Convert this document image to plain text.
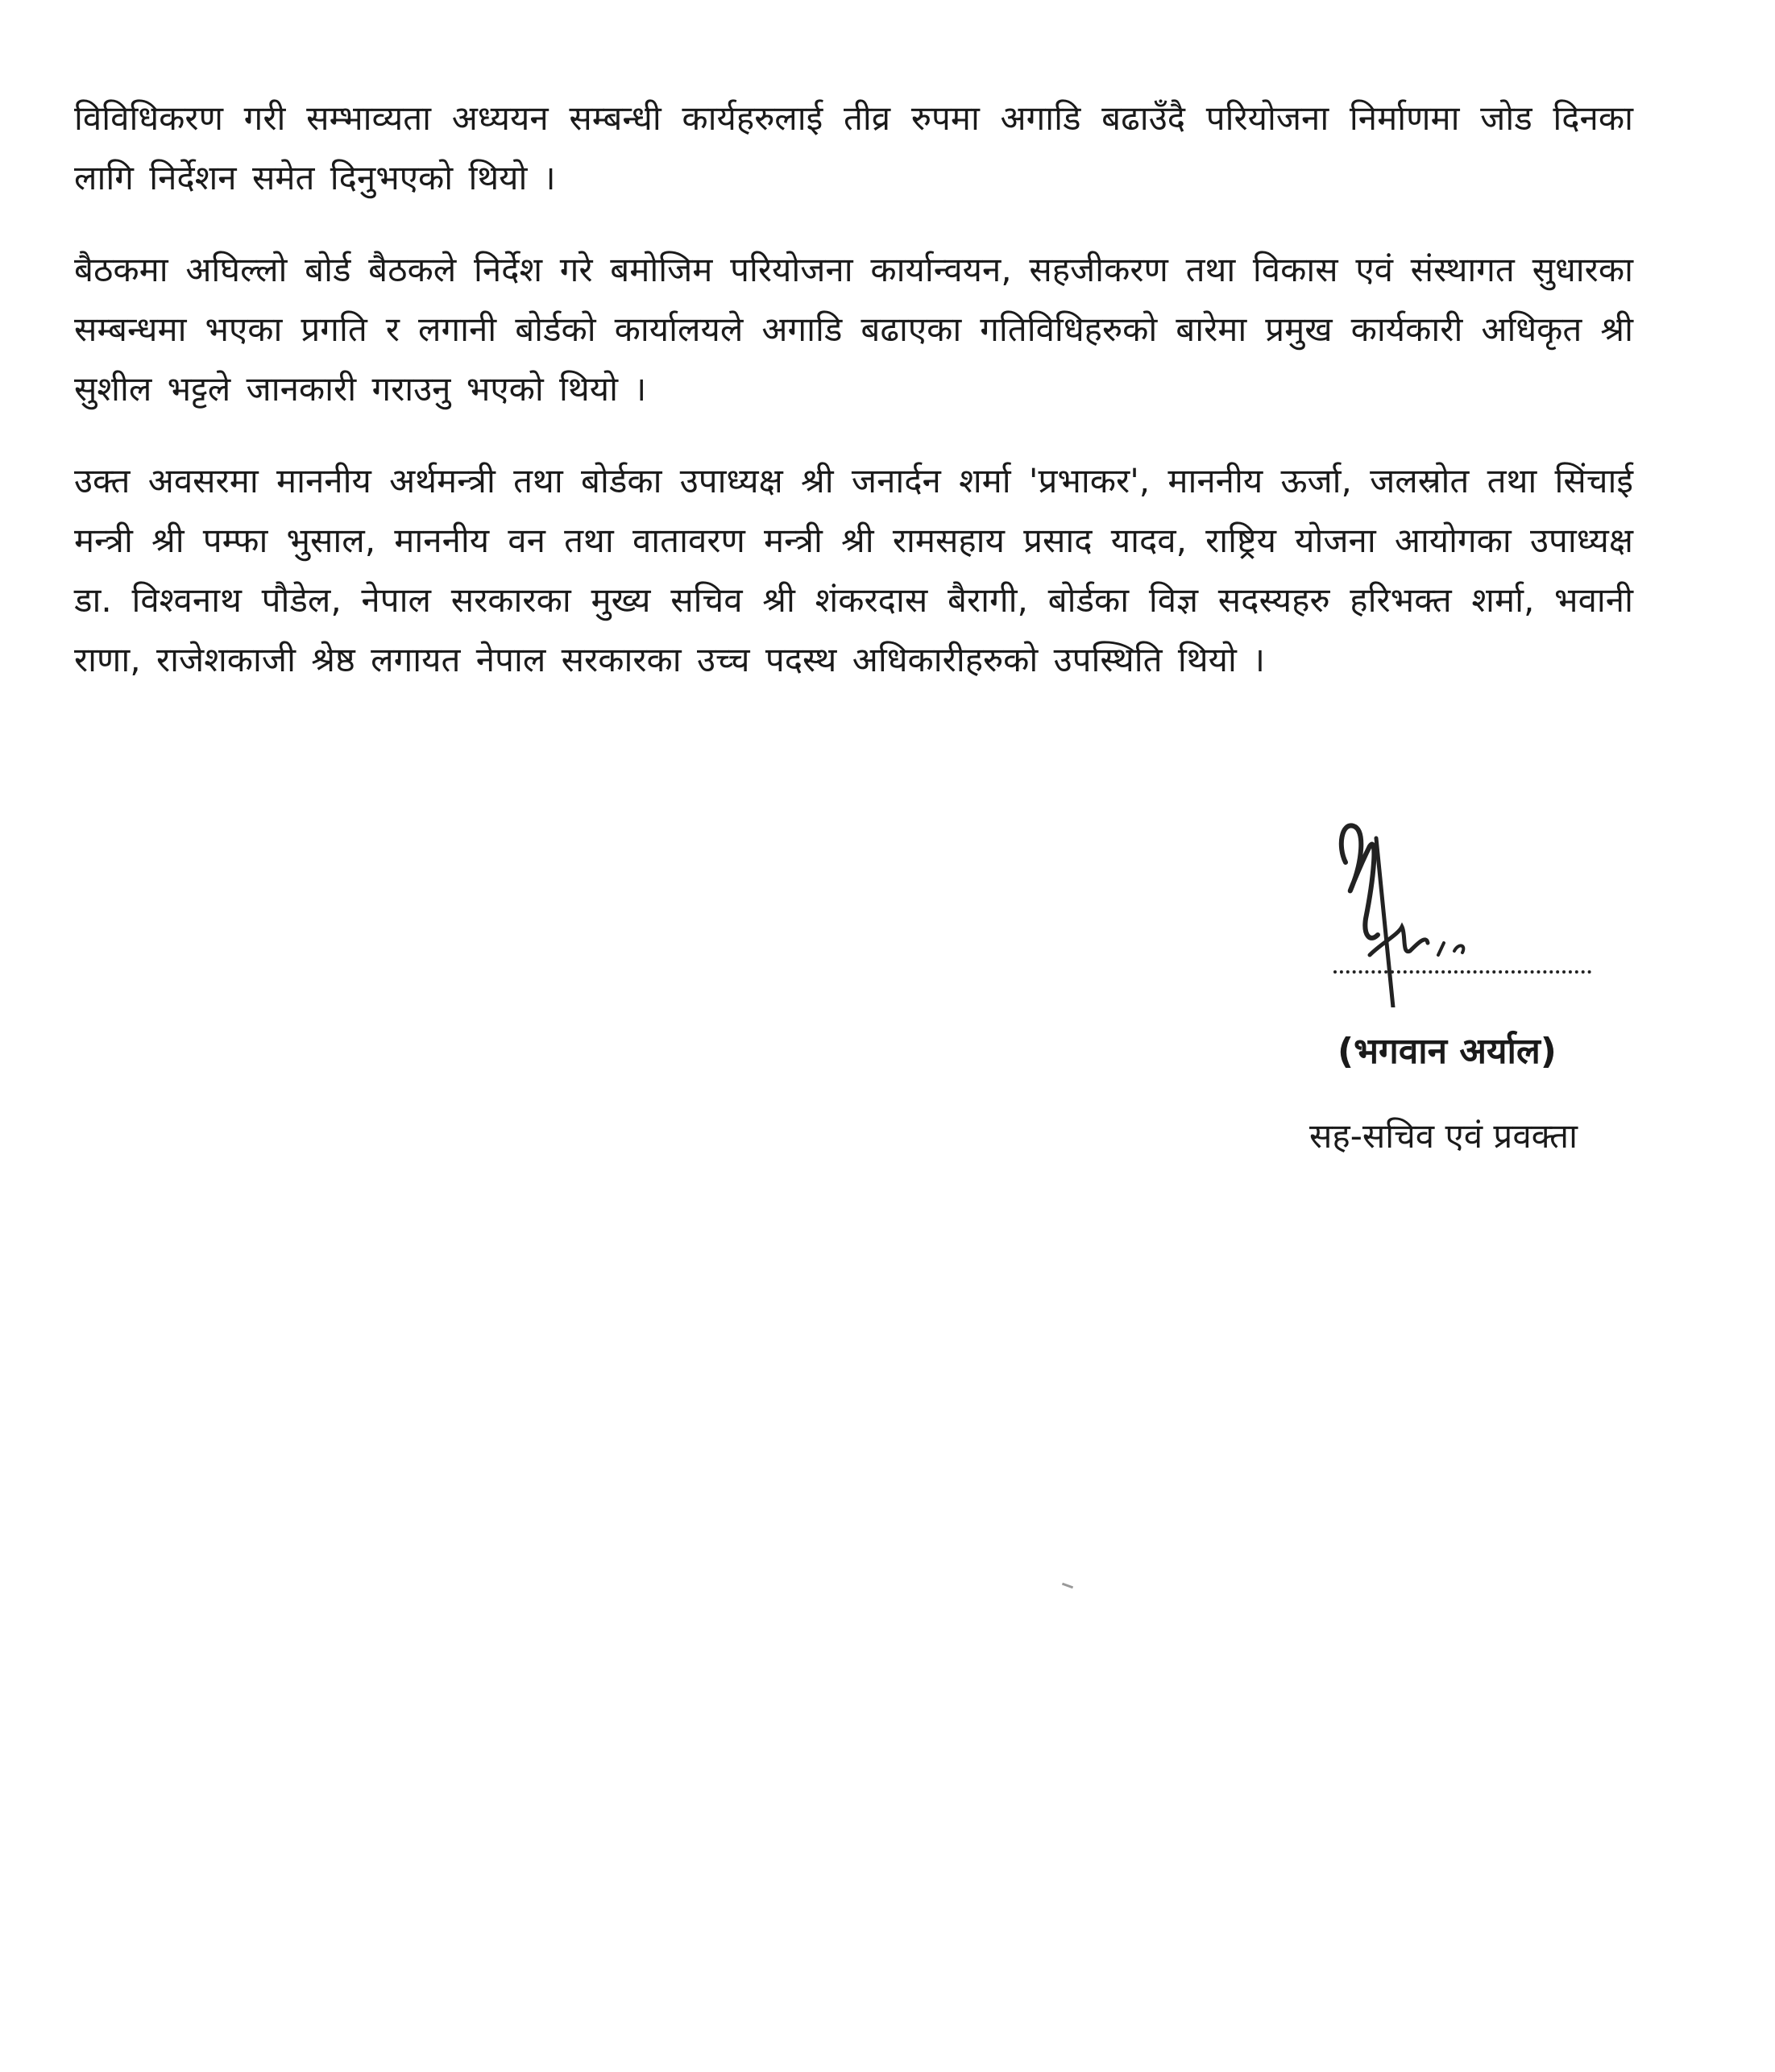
विविधिकरण गरी सम्भाव्यता अध्ययन सम्बन्धी कार्यहरुलाई तीव्र रुपमा अगाडि बढाउँदै परियोजना निर्माणमा जोड दिनका लागि निर्देशन समेत दिनुभएको थियो ।

बैठकमा अघिल्लो बोर्ड बैठकले निर्देश गरे बमोजिम परियोजना कार्यान्वयन, सहजीकरण तथा विकास एवं संस्थागत सुधारका सम्बन्धमा भएका प्रगति र लगानी बोर्डको कार्यालयले अगाडि बढाएका गतिविधिहरुको बारेमा प्रमुख कार्यकारी अधिकृत श्री सुशील भट्टले जानकारी गराउनु भएको थियो ।

उक्त अवसरमा माननीय अर्थमन्त्री तथा बोर्डका उपाध्यक्ष श्री जनार्दन शर्मा 'प्रभाकर', माननीय ऊर्जा, जलस्रोत तथा सिंचाई मन्त्री श्री पम्फा भुसाल, माननीय वन तथा वातावरण मन्त्री श्री रामसहाय प्रसाद यादव, राष्ट्रिय योजना आयोगका उपाध्यक्ष डा. विश्वनाथ पौडेल, नेपाल सरकारका मुख्य सचिव श्री शंकरदास बैरागी, बोर्डका विज्ञ सदस्यहरु हरिभक्त शर्मा, भवानी राणा, राजेशकाजी श्रेष्ठ लगायत नेपाल सरकारका उच्च पदस्थ अधिकारीहरुको उपस्थिति थियो ।

(भगवान अर्याल)

सह-सचिव एवं प्रवक्ता
